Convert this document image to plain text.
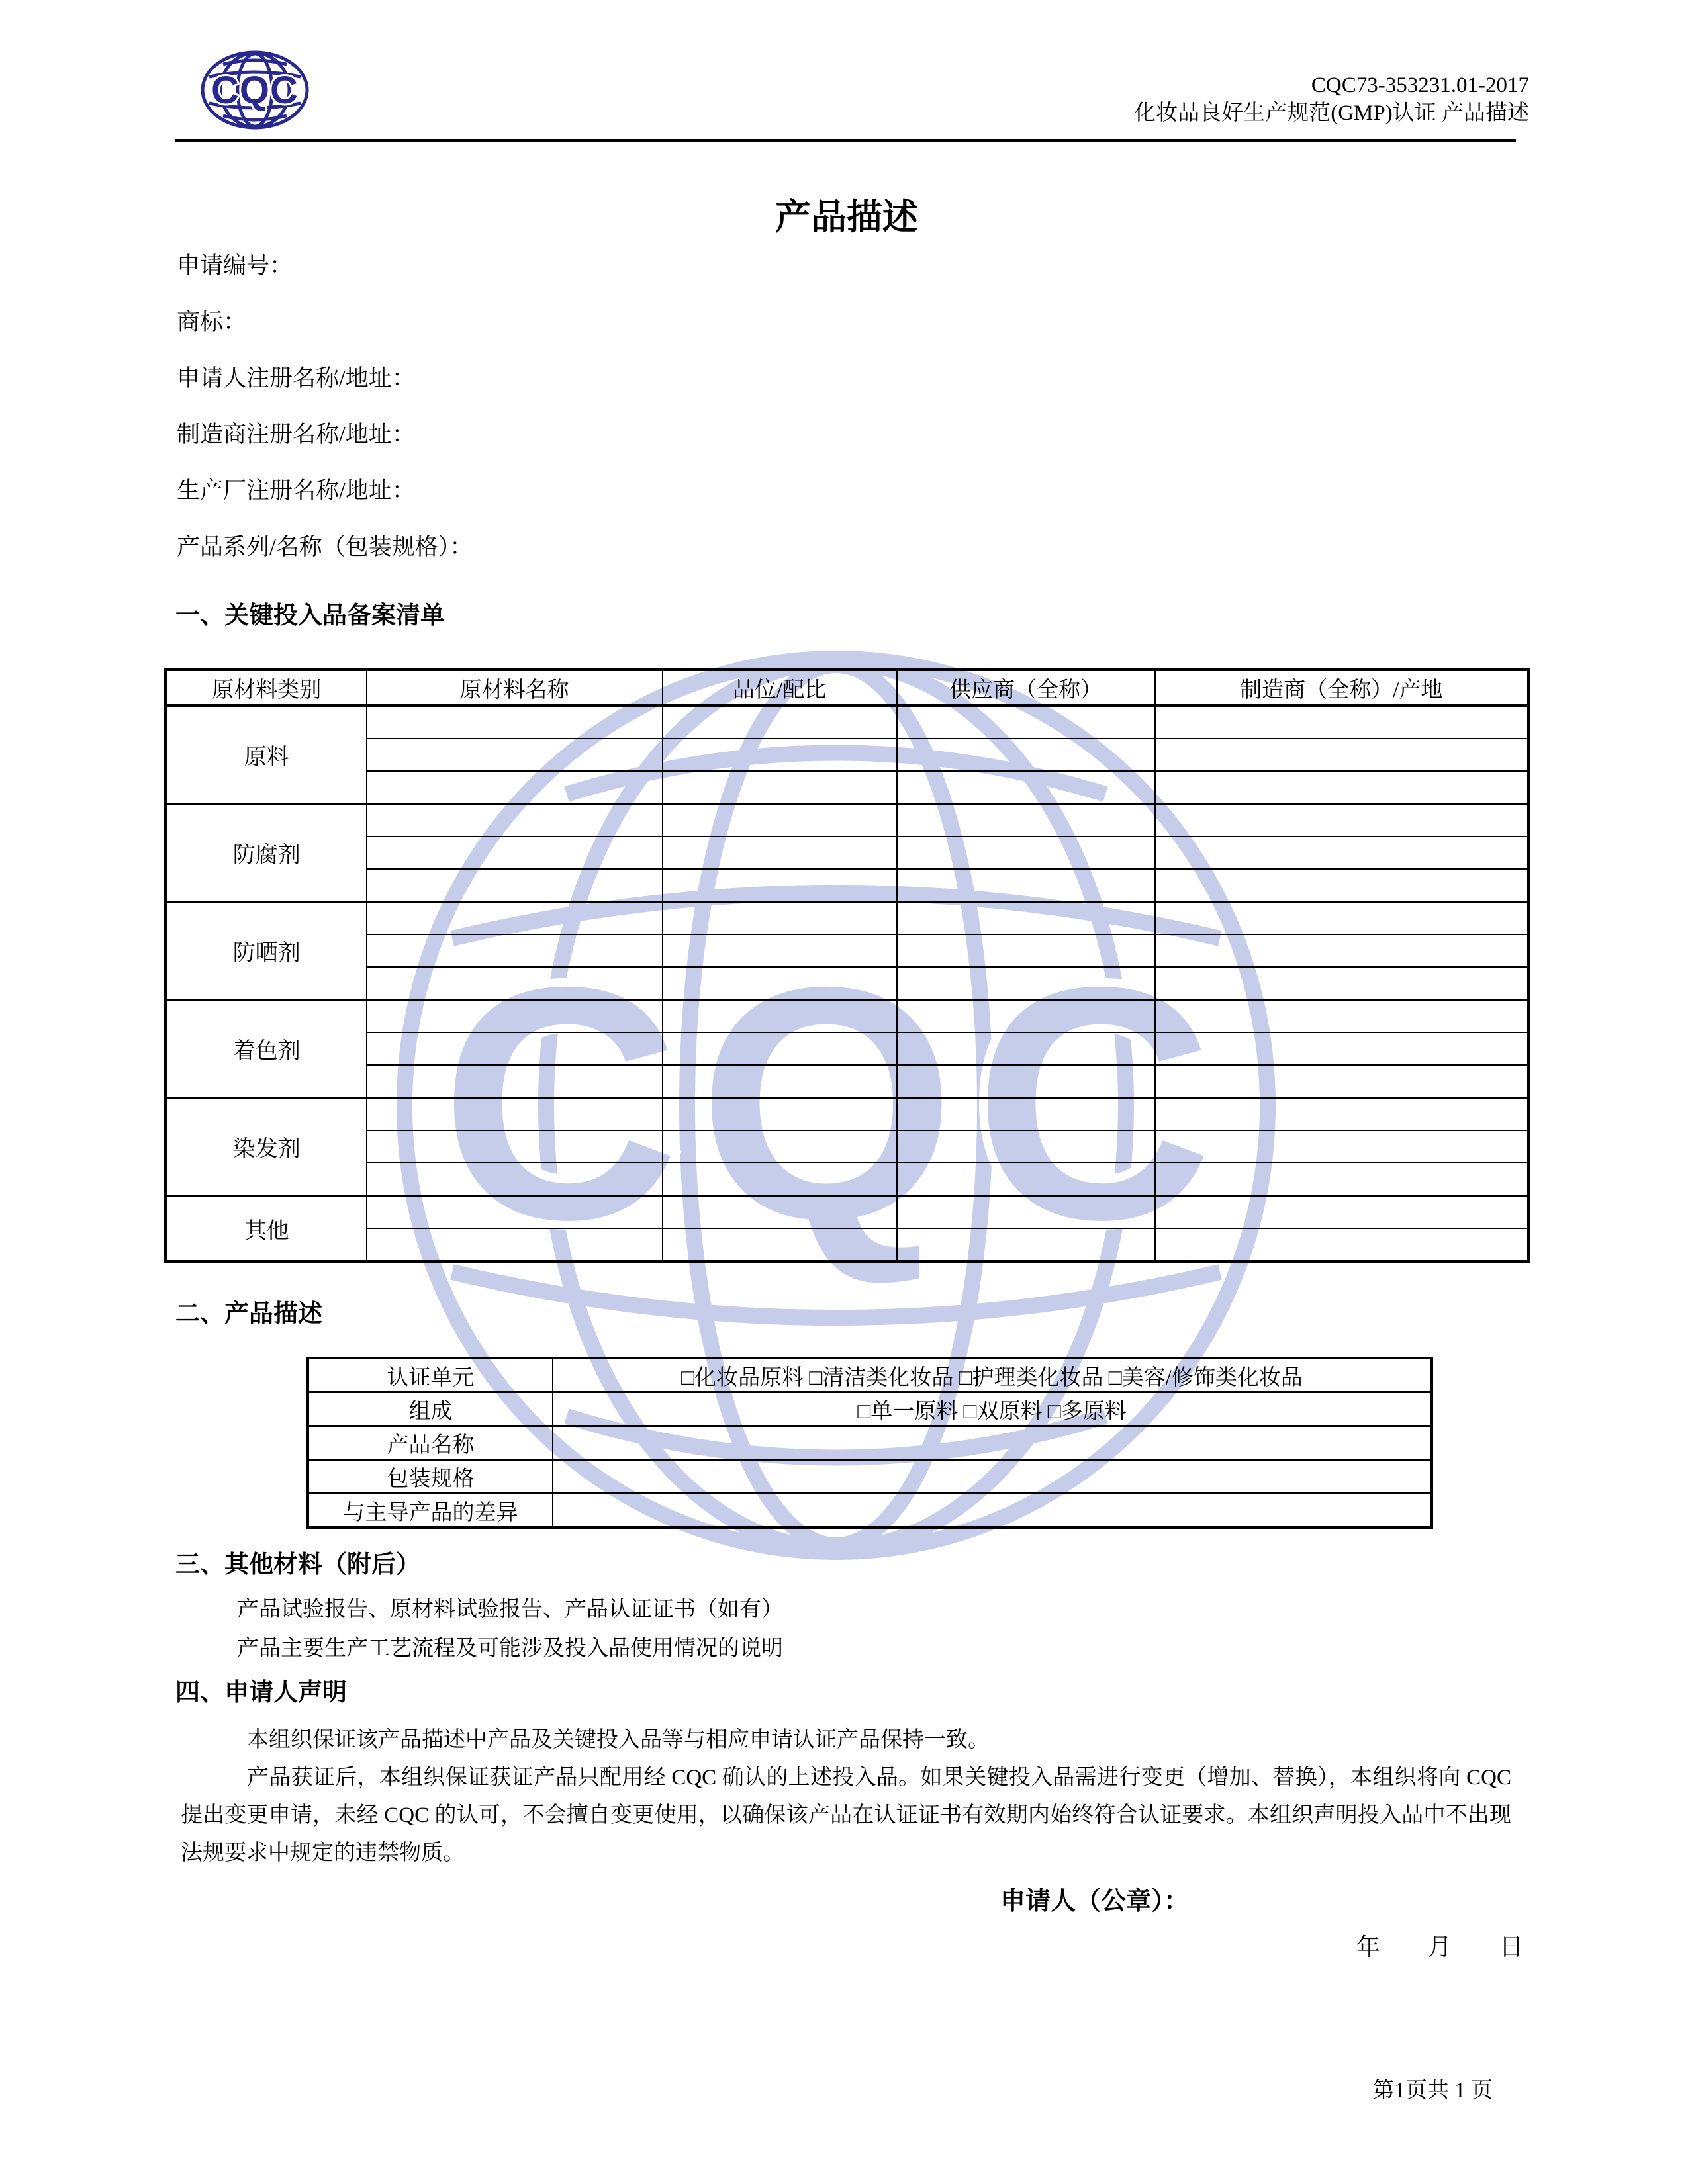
CQC
CQC	CQC73-353231.01-2017
化妆品良好生产规范(GMP)认证 产品描述
产品描述
申请编号：
商标：
申请人注册名称/地址：
制造商注册名称/地址：
生产厂注册名称/地址：
产品系列/名称（包装规格）：
一、关键投入品备案清单
原材料类别	原材料名称	品位/配比	供应商（全称）	制造商（全称）/产地
原料				

防腐剂				

防晒剂				

着色剂				

染发剂				

其他				

二、产品描述
认证单元	□化妆品原料 □清洁类化妆品 □护理类化妆品 □美容/修饰类化妆品
组成	□单一原料 □双原料 □多原料
产品名称	
包装规格	
与主导产品的差异	
三、其他材料（附后）
产品试验报告、原材料试验报告、产品认证证书（如有）
产品主要生产工艺流程及可能涉及投入品使用情况的说明
四、申请人声明

本组织保证该产品描述中产品及关键投入品等与相应申请认证产品保持一致。

产品获证后，本组织保证获证产品只配用经 CQC 确认的上述投入品。如果关键投入品需进行变更（增加、替换），本组织将向 CQC 提出变更申请，未经 CQC 的认可，不会擅自变更使用，以确保该产品在认证证书有效期内始终符合认证要求。本组织声明投入品中不出现法规要求中规定的违禁物质。

申请人（公章）：
年　　月　　日
第1页共 1 页
